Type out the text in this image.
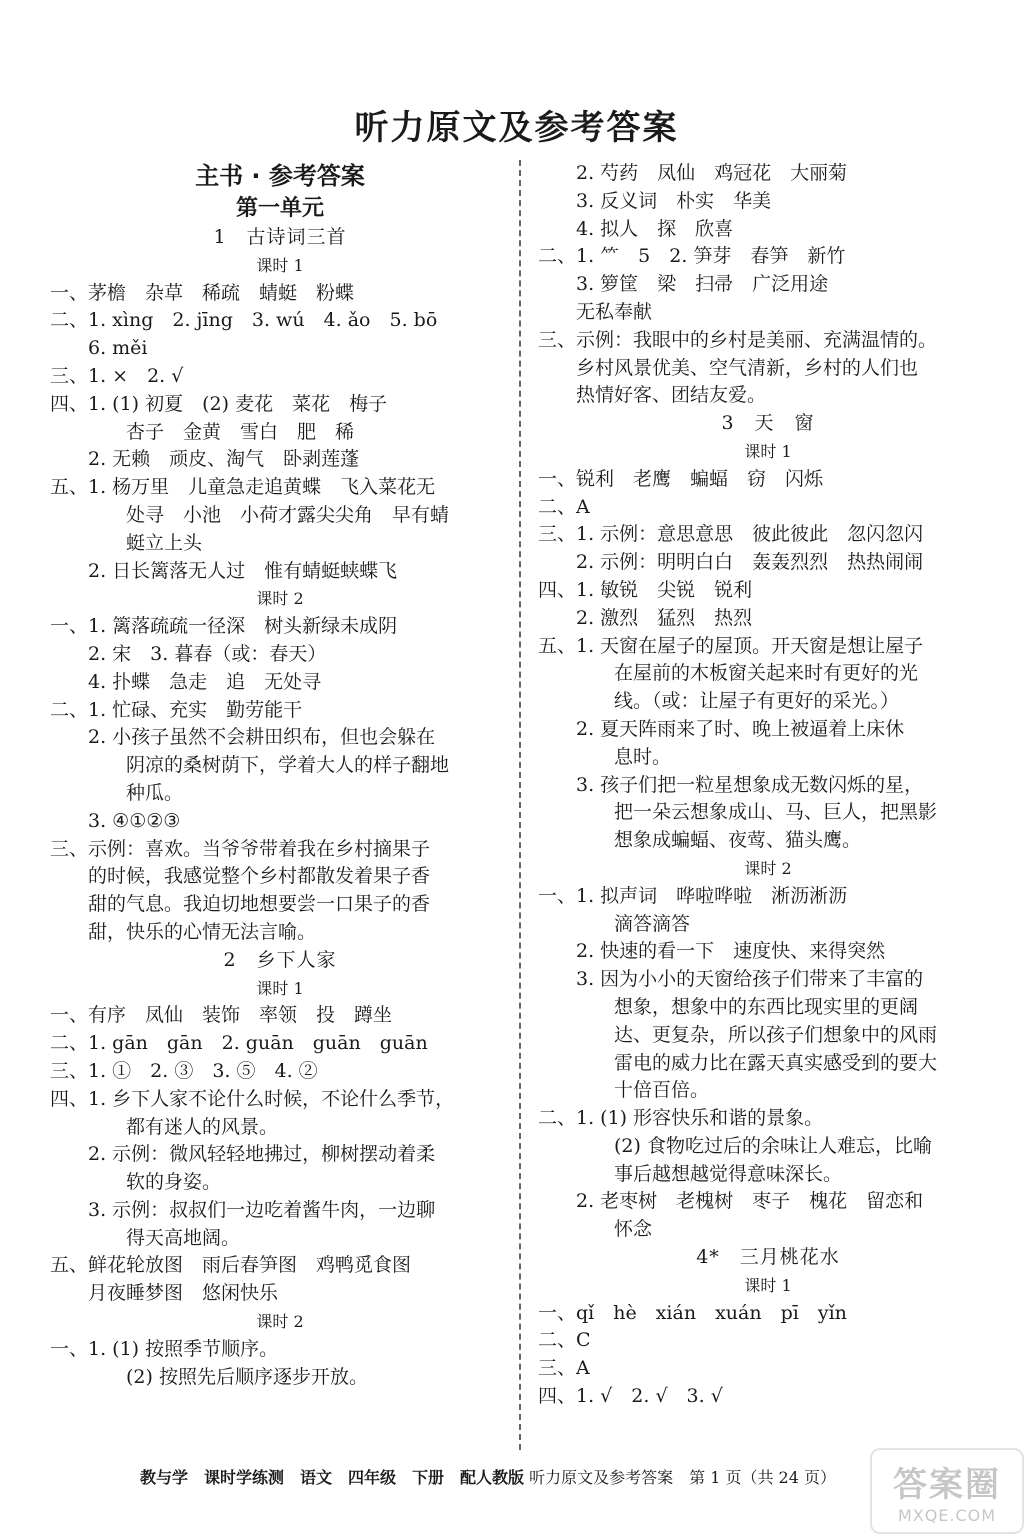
听力原文及参考答案
主书 · 参考答案
第一单元
1　古诗词三首
课时 1
一、茅檐　杂草　稀疏　蜻蜓　粉蝶
二、1. xìng　2. jīng　3. wú　4. ǎo　5. bō
6. měi
三、1. ×　2. √
四、1. (1) 初夏　(2) 麦花　菜花　梅子
杏子　金黄　雪白　肥　稀
2. 无赖　顽皮、淘气　卧剥莲蓬
五、1. 杨万里　儿童急走追黄蝶　飞入菜花无
处寻　小池　小荷才露尖尖角　早有蜻
蜓立上头
2. 日长篱落无人过　惟有蜻蜓蛱蝶飞
课时 2
一、1. 篱落疏疏一径深　树头新绿未成阴
2. 宋　3. 暮春（或：春天）
4. 扑蝶　急走　追　无处寻
二、1. 忙碌、充实　勤劳能干
2. 小孩子虽然不会耕田织布，但也会躲在
阴凉的桑树荫下，学着大人的样子翻地
种瓜。
3. ④①②③
三、示例：喜欢。当爷爷带着我在乡村摘果子
的时候，我感觉整个乡村都散发着果子香
甜的气息。我迫切地想要尝一口果子的香
甜，快乐的心情无法言喻。
2　乡下人家
课时 1
一、有序　凤仙　装饰　率领　投　蹲坐
二、1. gān　gān　2. guān　guān　guān
三、1. ①　2. ③　3. ⑤　4. ②
四、1. 乡下人家不论什么时候，不论什么季节，
都有迷人的风景。
2. 示例：微风轻轻地拂过，柳树摆动着柔
软的身姿。
3. 示例：叔叔们一边吃着酱牛肉，一边聊
得天高地阔。
五、鲜花轮放图　雨后春笋图　鸡鸭觅食图
月夜睡梦图　悠闲快乐
课时 2
一、1. (1) 按照季节顺序。
(2) 按照先后顺序逐步开放。
2. 芍药　凤仙　鸡冠花　大丽菊
3. 反义词　朴实　华美
4. 拟人　探　欣喜
二、1. ⺮　5　2. 笋芽　春笋　新竹
3. 箩筐　梁　扫帚　广泛用途
无私奉献
三、示例：我眼中的乡村是美丽、充满温情的。
乡村风景优美、空气清新，乡村的人们也
热情好客、团结友爱。
3　天　窗
课时 1
一、锐利　老鹰　蝙蝠　窃　闪烁
二、A
三、1. 示例：意思意思　彼此彼此　忽闪忽闪
2. 示例：明明白白　轰轰烈烈　热热闹闹
四、1. 敏锐　尖锐　锐利
2. 激烈　猛烈　热烈
五、1. 天窗在屋子的屋顶。开天窗是想让屋子
在屋前的木板窗关起来时有更好的光
线。（或：让屋子有更好的采光。）
2. 夏天阵雨来了时、晚上被逼着上床休
息时。
3. 孩子们把一粒星想象成无数闪烁的星，
把一朵云想象成山、马、巨人，把黑影
想象成蝙蝠、夜莺、猫头鹰。
课时 2
一、1. 拟声词　哗啦哗啦　淅沥淅沥
滴答滴答
2. 快速的看一下　速度快、来得突然
3. 因为小小的天窗给孩子们带来了丰富的
想象，想象中的东西比现实里的更阔
达、更复杂，所以孩子们想象中的风雨
雷电的威力比在露天真实感受到的要大
十倍百倍。
二、1. (1) 形容快乐和谐的景象。
(2) 食物吃过后的余味让人难忘，比喻
事后越想越觉得意味深长。
2. 老枣树　老槐树　枣子　槐花　留恋和
怀念
4*　三月桃花水
课时 1
一、qǐ　hè　xián　xuán　pī　yǐn
二、C
三、A
四、1. √　2. √　3. √
教与学　课时学练测　语文　四年级　下册　配人教版 听力原文及参考答案　第 1 页（共 24 页）	答案圈
MXQE.COM
